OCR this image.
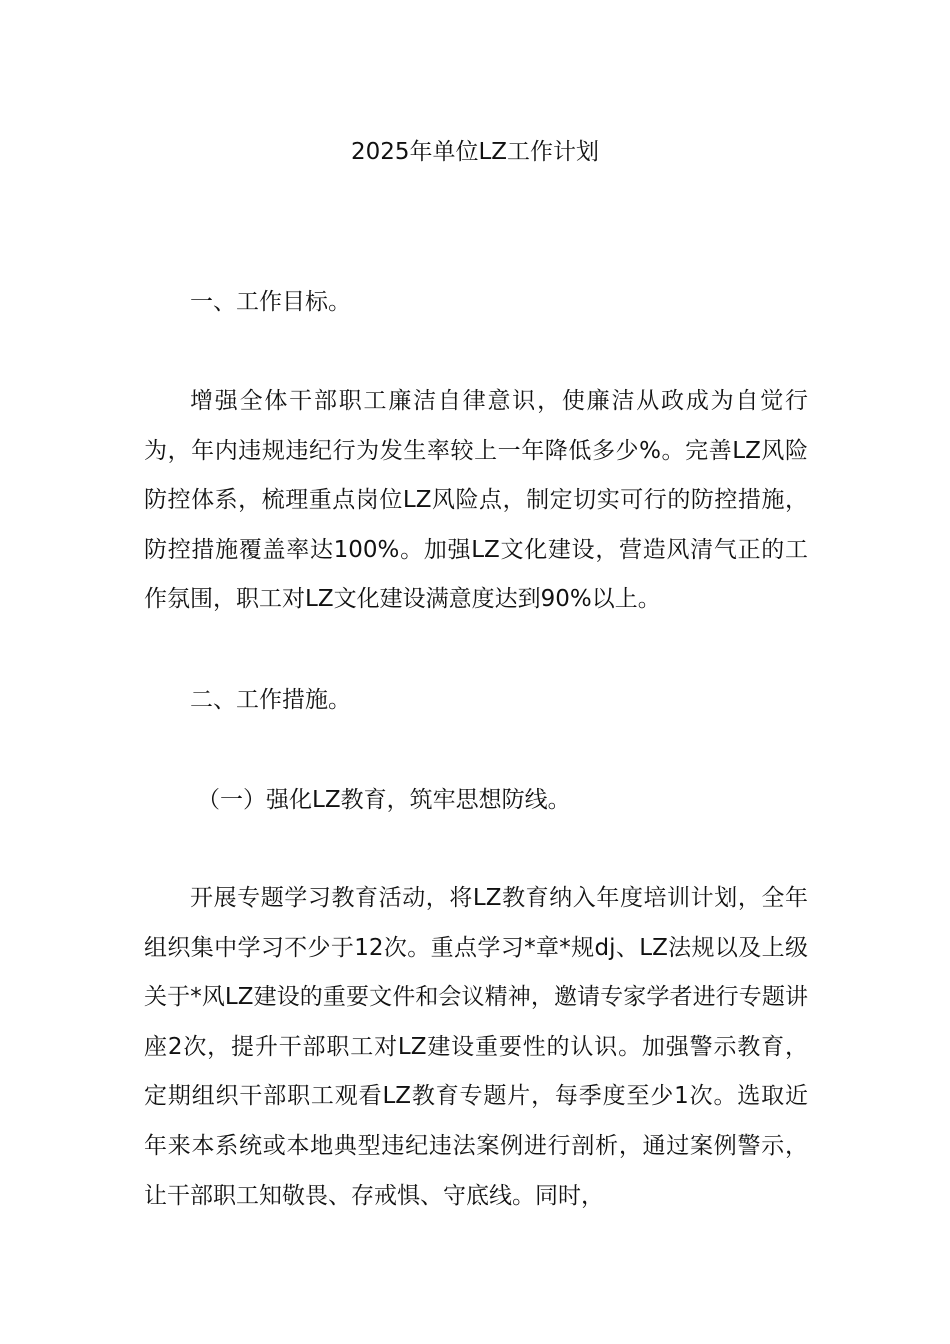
2025年单位LZ工作计划
一、工作目标。

增强全体干部职工廉洁自律意识，使廉洁从政成为自觉行为，年内违规违纪行为发生率较上一年降低多少%。完善LZ风险防控体系，梳理重点岗位LZ风险点，制定切实可行的防控措施，防控措施覆盖率达100%。加强LZ文化建设，营造风清气正的工作氛围，职工对LZ文化建设满意度达到90%以上。

二、工作措施。
（一）强化LZ教育，筑牢思想防线。

开展专题学习教育活动，将LZ教育纳入年度培训计划，全年组织集中学习不少于12次。重点学习*章*规dj、LZ法规以及上级关于*风LZ建设的重要文件和会议精神，邀请专家学者进行专题讲座2次，提升干部职工对LZ建设重要性的认识。加强警示教育，定期组织干部职工观看LZ教育专题片，每季度至少1次。选取近年来本系统或本地典型违纪违法案例进行剖析，通过案例警示，让干部职工知敬畏、存戒惧、守底线。同时，
